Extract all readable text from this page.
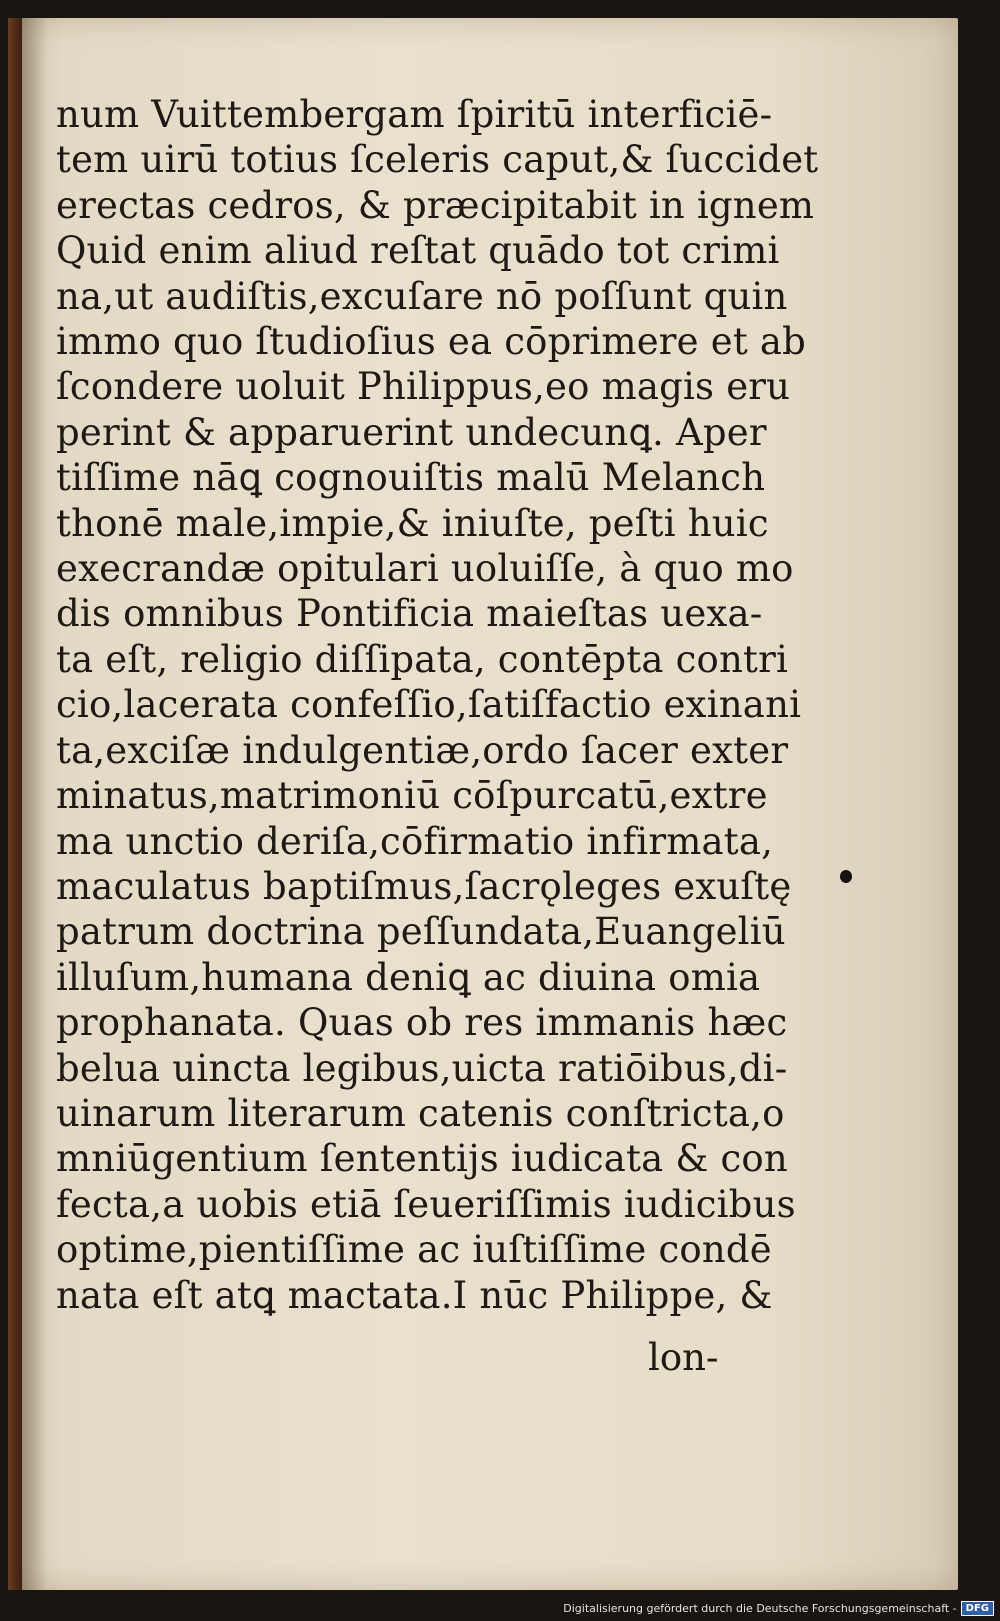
num Vuittembergam ſpiritū interficiē-
tem uirū totius ſceleris caput,& ſuccidet
erectas cedros, & præcipitabit in ignem
Quid enim aliud reſtat quādo tot crimi
na,ut audiſtis,excuſare nō poſſunt quin
immo quo ſtudioſius ea cōprimere et ab
ſcondere uoluit Philippus,eo magis eru
perint & apparuerint undecunꝗ. Aper
tiſſime nāꝗ cognouiſtis malū Melanch
thonē male,impie,& iniuſte, peſti huic
execrandæ opitulari uoluiſſe, à quo mo
dis omnibus Pontificia maieſtas uexa-
ta eſt, religio diſſipata, contēpta contri
cio,lacerata confeſſio,ſatiſfactio exinani
ta,exciſæ indulgentiæ,ordo ſacer exter
minatus,matrimoniū cōſpurcatū,extre
ma unctio deriſa,cōfirmatio infirmata,
maculatus baptiſmus,ſacrǫleges exuſtę
patrum doctrina peſſundata,Euangeliū
illuſum,humana deniꝗ ac diuina omia
prophanata. Quas ob res immanis hæc
belua uincta legibus,uicta ratiōibus,di-
uinarum literarum catenis conſtricta,o
mniūgentium ſententijs iudicata & con
fecta,a uobis etiā ſeueriſſimis iudicibus
optime,pientiſſime ac iuſtiſſime condē
nata eſt atꝗ mactata.I nūc Philippe, &
lon-
Digitalisierung gefördert durch die Deutsche Forschungsgemeinschaft - DFG
